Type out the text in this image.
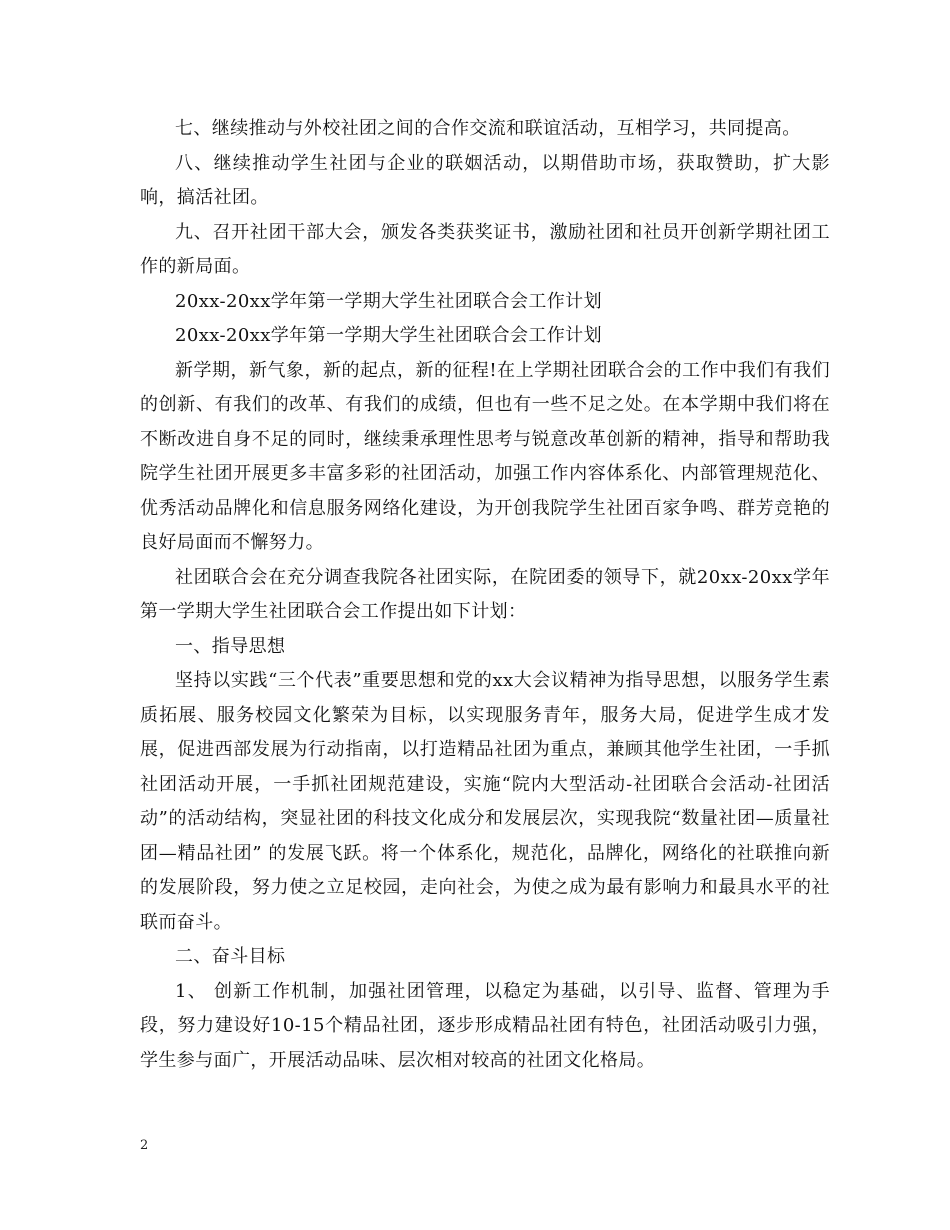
七、继续推动与外校社团之间的合作交流和联谊活动，互相学习，共同提高。

八、继续推动学生社团与企业的联姻活动，以期借助市场，获取赞助，扩大影响，搞活社团。

九、召开社团干部大会，颁发各类获奖证书，激励社团和社员开创新学期社团工作的新局面。

20xx-20xx学年第一学期大学生社团联合会工作计划

20xx-20xx学年第一学期大学生社团联合会工作计划

新学期，新气象，新的起点，新的征程!在上学期社团联合会的工作中我们有我们的创新、有我们的改革、有我们的成绩，但也有一些不足之处。在本学期中我们将在不断改进自身不足的同时，继续秉承理性思考与锐意改革创新的精神，指导和帮助我院学生社团开展更多丰富多彩的社团活动，加强工作内容体系化、内部管理规范化、优秀活动品牌化和信息服务网络化建设，为开创我院学生社团百家争鸣、群芳竞艳的良好局面而不懈努力。

社团联合会在充分调查我院各社团实际，在院团委的领导下，就20xx-20xx学年第一学期大学生社团联合会工作提出如下计划：

一、指导思想

坚持以实践“三个代表”重要思想和党的xx大会议精神为指导思想，以服务学生素质拓展、服务校园文化繁荣为目标，以实现服务青年，服务大局，促进学生成才发展，促进西部发展为行动指南，以打造精品社团为重点，兼顾其他学生社团，一手抓社团活动开展，一手抓社团规范建设，实施“院内大型活动-社团联合会活动-社团活动”的活动结构，突显社团的科技文化成分和发展层次，实现我院“数量社团—质量社团—精品社团” 的发展飞跃。将一个体系化，规范化，品牌化，网络化的社联推向新的发展阶段，努力使之立足校园，走向社会，为使之成为最有影响力和最具水平的社联而奋斗。

二、奋斗目标

1、 创新工作机制，加强社团管理，以稳定为基础，以引导、监督、管理为手段，努力建设好10-15个精品社团，逐步形成精品社团有特色，社团活动吸引力强，学生参与面广，开展活动品味、层次相对较高的社团文化格局。

2
